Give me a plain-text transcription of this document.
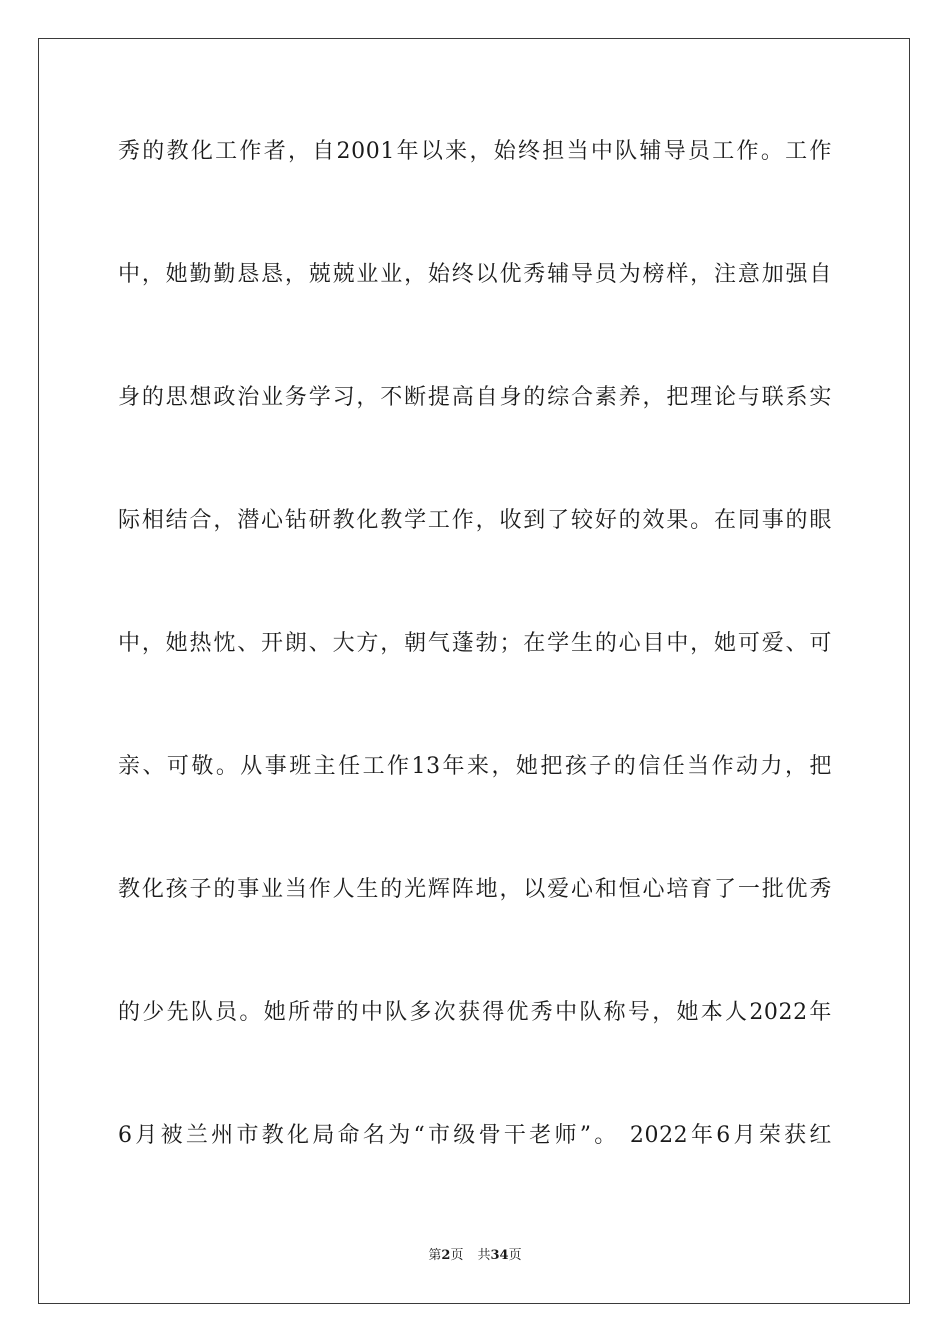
秀的教化工作者，自2001年以来，始终担当中队辅导员工作。工作
中，她勤勤恳恳，兢兢业业，始终以优秀辅导员为榜样，注意加强自
身的思想政治业务学习，不断提高自身的综合素养，把理论与联系实
际相结合，潜心钻研教化教学工作，收到了较好的效果。在同事的眼
中，她热忱、开朗、大方，朝气蓬勃；在学生的心目中，她可爱、可
亲、可敬。从事班主任工作13年来，她把孩子的信任当作动力，把
教化孩子的事业当作人生的光辉阵地，以爱心和恒心培育了一批优秀
的少先队员。她所带的中队多次获得优秀中队称号，她本人2022年
6月被兰州市教化局命名为“市级骨干老师”。 2022年6月荣获红
第2页 共34页
